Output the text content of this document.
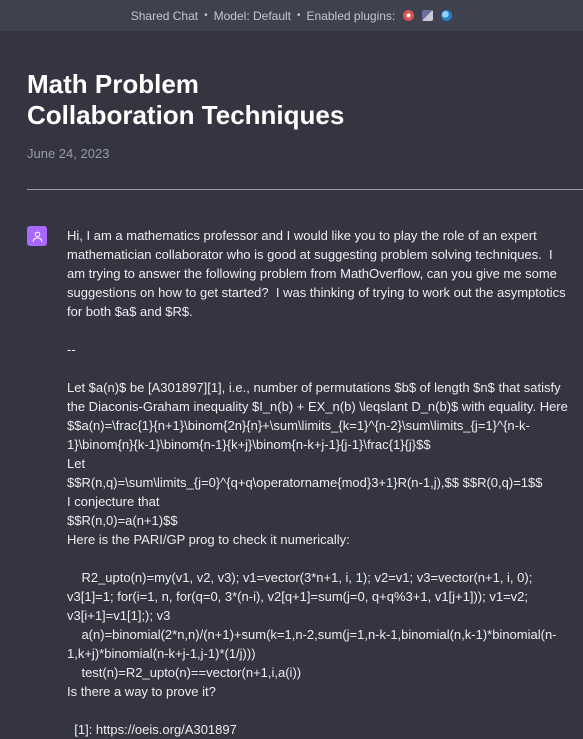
Shared Chat • Model: Default • Enabled plugins:
Math Problem
Collaboration Techniques
June 24, 2023
Hi, I am a mathematics professor and I would like you to play the role of an expert mathematician collaborator who is good at suggesting problem solving techniques.  I am trying to answer the following problem from MathOverflow, can you give me some suggestions on how to get started?  I was thinking of trying to work out the asymptotics for both $a$ and $R$.

--

Let $a(n)$ be [A301897][1], i.e., number of permutations $b$ of length $n$ that satisfy the Diaconis-Graham inequality $I_n(b) + EX_n(b) \leqslant D_n(b)$ with equality. Here
$$a(n)=\frac{1}{n+1}\binom{2n}{n}+\sum\limits_{k=1}^{n-2}\sum\limits_{j=1}^{n-k-1}\binom{n}{k-1}\binom{n-1}{k+j}\binom{n-k+j-1}{j-1}\frac{1}{j}$$
Let
$$R(n,q)=\sum\limits_{j=0}^{q+q\operatorname{mod}3+1}R(n-1,j),$$ $$R(0,q)=1$$
I conjecture that
$$R(n,0)=a(n+1)$$
Here is the PARI/GP prog to check it numerically:

R2_upto(n)=my(v1, v2, v3); v1=vector(3*n+1, i, 1); v2=v1; v3=vector(n+1, i, 0); v3[1]=1; for(i=1, n, for(q=0, 3*(n-i), v2[q+1]=sum(j=0, q+q%3+1, v1[j+1])); v1=v2; v3[i+1]=v1[1];); v3
a(n)=binomial(2*n,n)/(n+1)+sum(k=1,n-2,sum(j=1,n-k-1,binomial(n,k-1)*binomial(n-1,k+j)*binomial(n-k+j-1,j-1)*(1/j)))
test(n)=R2_upto(n)==vector(n+1,i,a(i))
Is there a way to prove it?

[1]: https://oeis.org/A301897
